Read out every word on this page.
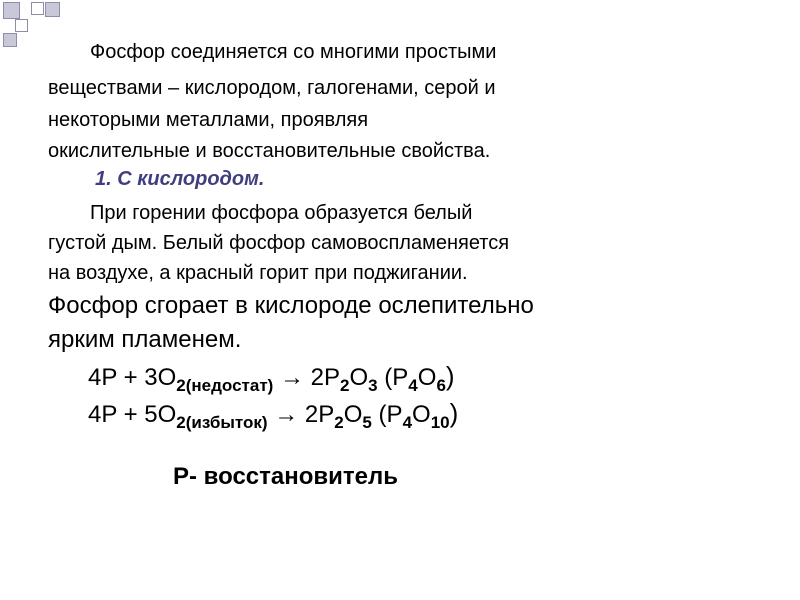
Фосфор соединяется со многими простыми

веществами – кислородом, галогенами, серой и

некоторыми металлами, проявляя

окислительные и восстановительные свойства.

1. С кислородом.

При горении фосфора образуется белый

густой дым. Белый фосфор самовоспламеняется

на воздухе, а красный горит при поджигании.

Фосфор сгорает в кислороде ослепительно

ярким пламенем.

$4P + 3O_{2(недостат)} \to 2P_2O_3$ $(P_4O_6)$

$4P + 5O_{2(избыток)} \to 2P_2O_5$ $(P_4O_{10})$

P- восстановитель
